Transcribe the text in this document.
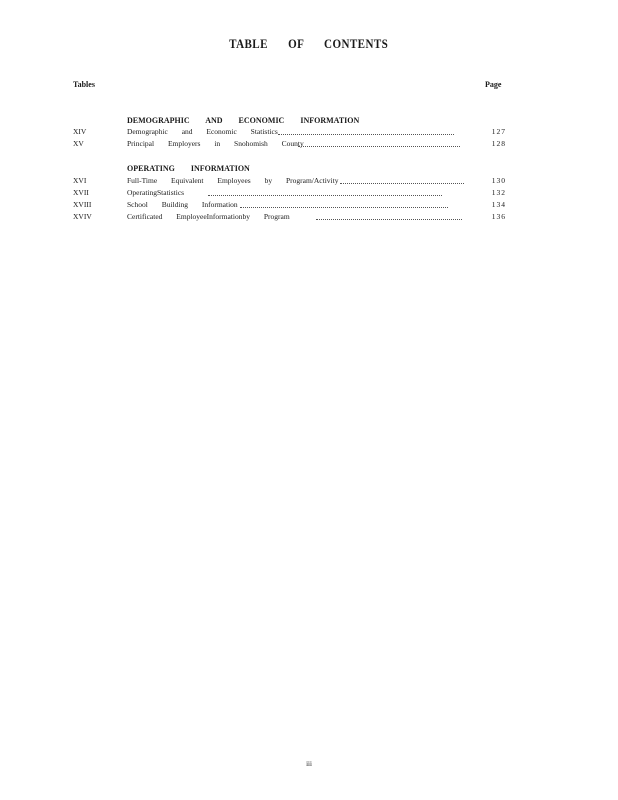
TABLE OF CONTENTS
Tables	Page
DEMOGRAPHIC AND ECONOMIC INFORMATION
XIV	Demographic and Economic Statistics	127
XV	Principal Employers in Snohomish County	128
OPERATING INFORMATION
XVI	Full-Time Equivalent Employees by Program/Activity	130
XVII	OperatingStatistics	132
XVIII	School Building Information	134
XVIV	Certificated EmployeeInformationby Program	136
iii
